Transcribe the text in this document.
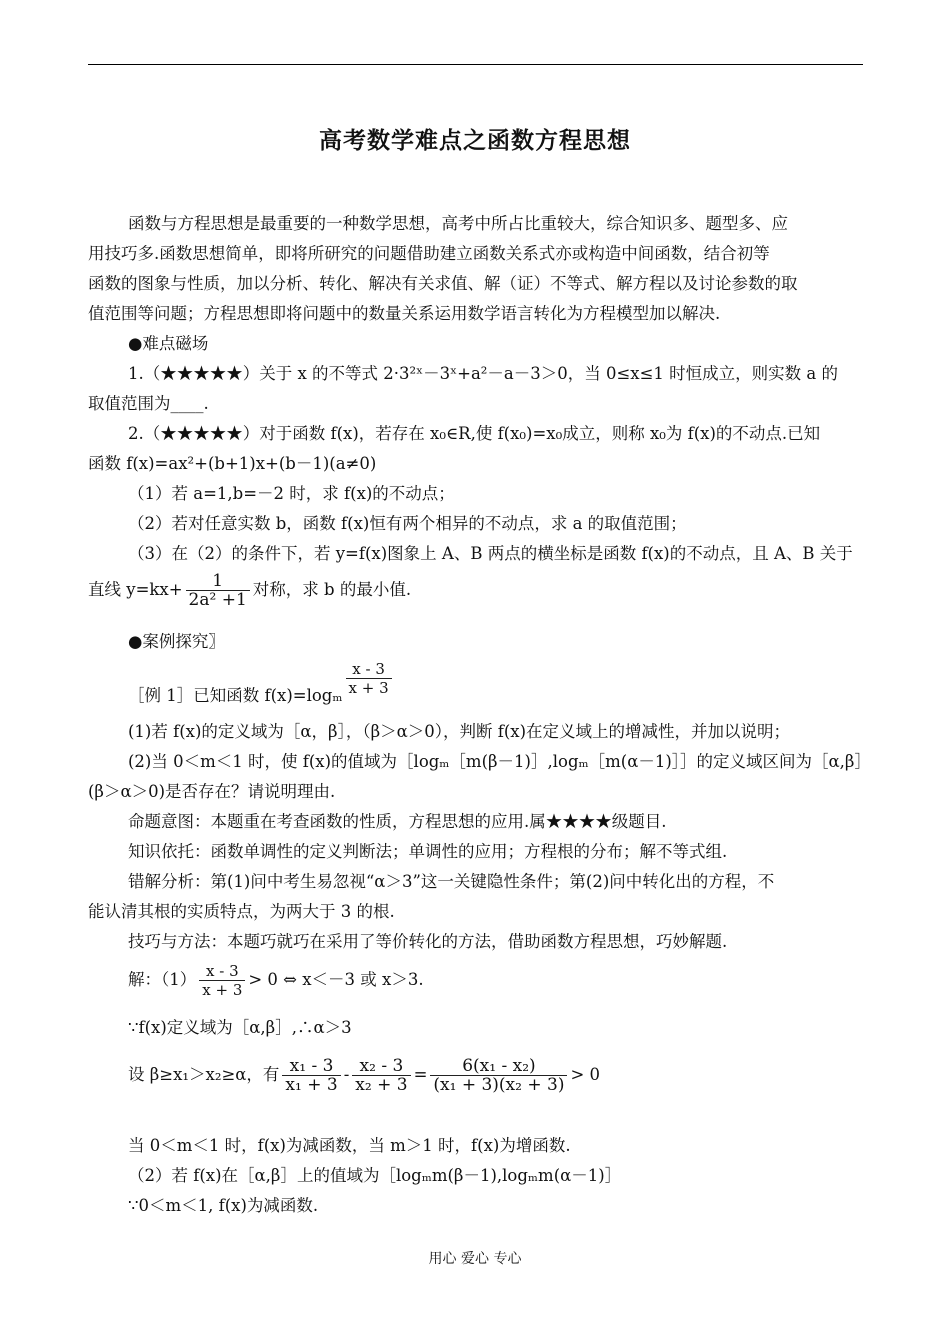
高考数学难点之函数方程思想
函数与方程思想是最重要的一种数学思想，高考中所占比重较大，综合知识多、题型多、应
用技巧多.函数思想简单，即将所研究的问题借助建立函数关系式亦或构造中间函数，结合初等
函数的图象与性质，加以分析、转化、解决有关求值、解（证）不等式、解方程以及讨论参数的取
值范围等问题；方程思想即将问题中的数量关系运用数学语言转化为方程模型加以解决.
●难点磁场
1.（★★★★★）关于 x 的不等式 2·3²ˣ－3ˣ+a²－a－3＞0，当 0≤x≤1 时恒成立，则实数 a 的
取值范围为____.
2.（★★★★★）对于函数 f(x)，若存在 x₀∈R,使 f(x₀)=x₀成立，则称 x₀为 f(x)的不动点.已知
函数 f(x)=ax²+(b+1)x+(b－1)(a≠0)
（1）若 a=1,b=－2 时，求 f(x)的不动点；
（2）若对任意实数 b，函数 f(x)恒有两个相异的不动点，求 a 的取值范围；
（3）在（2）的条件下，若 y=f(x)图象上 A、B 两点的横坐标是函数 f(x)的不动点，且 A、B 关于
●案例探究〗
(1)若 f(x)的定义域为［α，β］，（β＞α＞0），判断 f(x)在定义域上的增减性，并加以说明；
(2)当 0＜m＜1 时，使 f(x)的值域为［logₘ［m(β－1)］,logₘ［m(α－1)］］的定义域区间为［α,β］
(β＞α＞0)是否存在？请说明理由.
命题意图：本题重在考查函数的性质，方程思想的应用.属★★★★级题目.
知识依托：函数单调性的定义判断法；单调性的应用；方程根的分布；解不等式组.
错解分析：第(1)问中考生易忽视“α＞3”这一关键隐性条件；第(2)问中转化出的方程，不
能认清其根的实质特点，为两大于 3 的根.
技巧与方法：本题巧就巧在采用了等价转化的方法，借助函数方程思想，巧妙解题.
∵f(x)定义域为［α,β］,∴α＞3
当 0＜m＜1 时，f(x)为减函数，当 m＞1 时，f(x)为增函数.
（2）若 f(x)在［α,β］上的值域为［logₘm(β－1),logₘm(α－1)］
∵0＜m＜1, f(x)为减函数.
直线 $y=kx+ \frac{1}{\text{2a² +1}}$ 对称，求 b 的最小值.
［例 1］已知函数 $f(x)=\log_m \frac{x - 3}{x + 3}$
解：$(1) \frac{x - 3}{x + 3} > 0$ ⇔ x＜－3 或 x＞3.
设 β≥x₁＞x₂≥α，有 $\frac{\text{x₁ - 3}}{\text{x₁ + 3}} - \frac{\text{x₂ - 3}}{\text{x₂ + 3}} = \frac{\text{6(x₁ - x₂)}}{\text{(x₁ + 3)(x₂ + 3)}} > 0$
用心 爱心 专心
